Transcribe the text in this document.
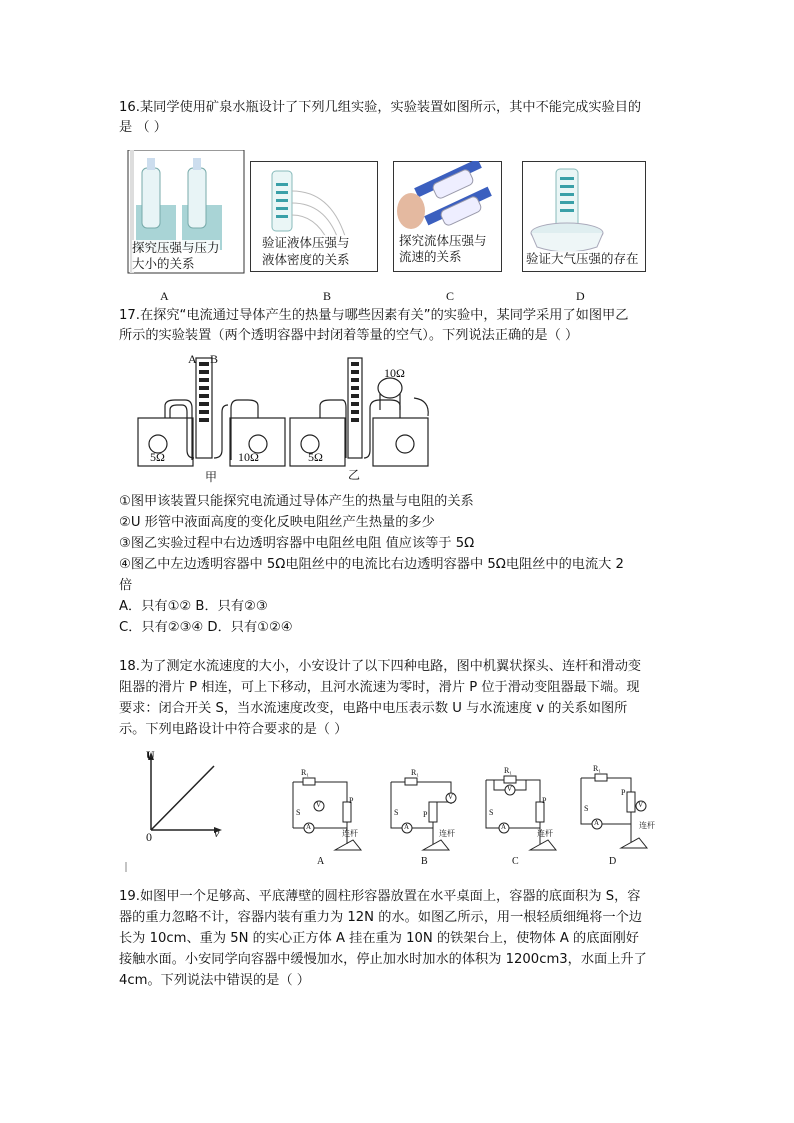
16.某同学使用矿泉水瓶设计了下列几组实验，实验装置如图所示，其中不能完成实验目的
是 （ ）
探究压强与压力
大小的关系
验证液体压强与
液体密度的关系
探究流体压强与
流速的关系	验证大气压强的存在
A	B	C	D
17.在探究“电流通过导体产生的热量与哪些因素有关”的实验中，某同学采用了如图甲乙
所示的实验装置（两个透明容器中封闭着等量的空气）。下列说法正确的是（ ）
A B
5Ω	10Ω
甲
5Ω
10Ω
乙
①图甲该装置只能探究电流通过导体产生的热量与电阻的关系
②U 形管中液面高度的变化反映电阻丝产生热量的多少
③图乙实验过程中右边透明容器中电阻丝电阻 值应该等于 5Ω
④图乙中左边透明容器中 5Ω电阻丝中的电流比右边透明容器中 5Ω电阻丝中的电流大 2
倍
A．只有①② B．只有②③
C．只有②③④ D．只有①②④
18.为了测定水流速度的大小，小安设计了以下四种电路，图中机翼状探头、连杆和滑动变
阻器的滑片 P 相连，可上下移动，且河水流速为零时，滑片 P 位于滑动变阻器最下端。现
要求：闭合开关 S，当水流速度改变，电路中电压表示数 U 与水流速度 v 的关系如图所
示。下列电路设计中符合要求的是（ ）
U
v
0
R₁
S
P
V
A
连杆
A
R₁
S	P
V
A
连杆
B
R₁
S
P
V
A
连杆
C
R₁
S
P
V
A	连杆
D
19.如图甲一个足够高、平底薄壁的圆柱形容器放置在水平桌面上，容器的底面积为 S，容
器的重力忽略不计，容器内装有重力为 12N 的水。如图乙所示，用一根轻质细绳将一个边
长为 10cm、重为 5N 的实心正方体 A 挂在重为 10N 的铁架台上，使物体 A 的底面刚好
接触水面。小安同学向容器中缓慢加水，停止加水时加水的体积为 1200cm3，水面上升了
4cm。下列说法中错误的是（ ）
